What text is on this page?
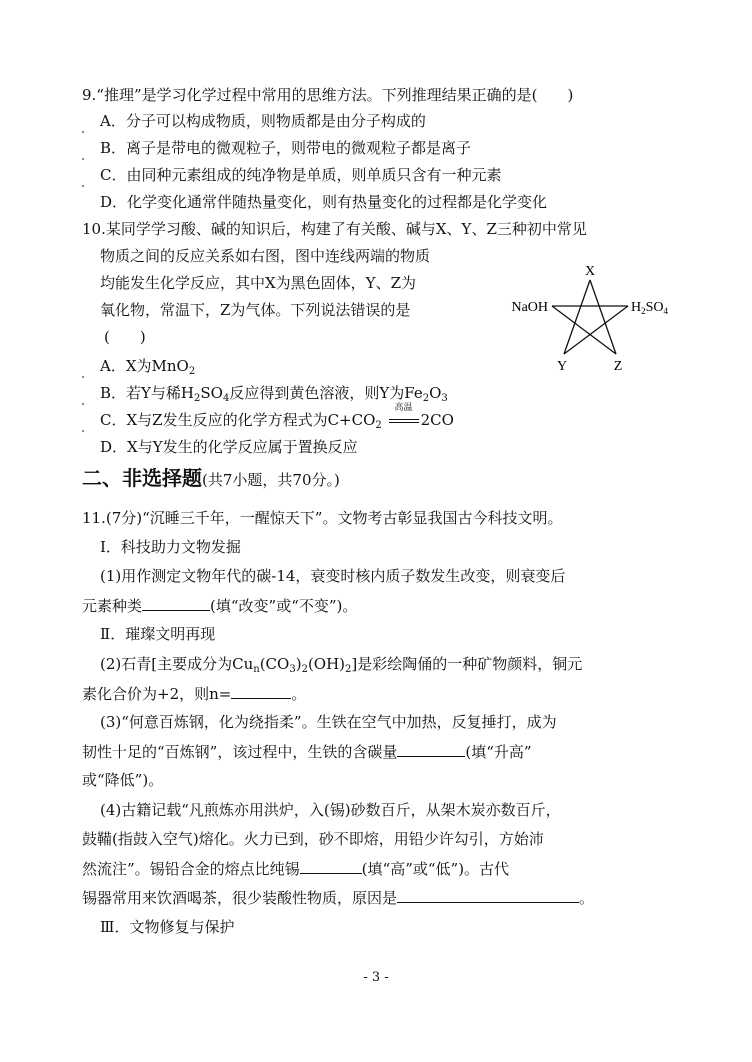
9.“推理”是学习化学过程中常用的思维方法。下列推理结果正确的是(　　)
A．分子可以构成物质，则物质都是由分子构成的
B．离子是带电的微观粒子，则带电的微观粒子都是离子
C．由同种元素组成的纯净物是单质，则单质只含有一种元素
D．化学变化通常伴随热量变化，则有热量变化的过程都是化学变化
10.某同学学习酸、碱的知识后，构建了有关酸、碱与X、Y、Z三种初中常见
物质之间的反应关系如右图，图中连线两端的物质
均能发生化学反应，其中X为黑色固体，Y、Z为
氧化物，常温下，Z为气体。下列说法错误的是
(　　)
A．X为MnO$_2$
B．若Y与稀$H_2SO_4$反应得到黄色溶液，则Y为$Fe_2O_3$
C．X与Z发生反应的化学方程式为$C+CO_2$
高温
2CO
D．X与Y发生的化学反应属于置换反应
X
NaOH	$H_2SO_4$
Y	Z
二、非选择题(共7小题，共70分。)
11.(7分)“沉睡三千年，一醒惊天下”。文物考古彰显我国古今科技文明。
Ⅰ．科技助力文物发掘
(1)用作测定文物年代的碳-14，衰变时核内质子数发生改变，则衰变后
元素种类	(填“改变”或“不变”)。
Ⅱ．璀璨文明再现
(2)石青[主要成分为$Cu_n(CO_3)_2(OH)_2$]是彩绘陶俑的一种矿物颜料，铜元
素化合价为+2，则n=	。
(3)“何意百炼钢，化为绕指柔”。生铁在空气中加热，反复捶打，成为
韧性十足的“百炼钢”，该过程中，生铁的含碳量	(填“升高”
或“降低”)。
(4)古籍记载“凡煎炼亦用洪炉，入(锡)砂数百斤，从架木炭亦数百斤，
鼓鞴(指鼓入空气)熔化。火力已到，砂不即熔，用铅少许勾引，方始沛
然流注”。锡铅合金的熔点比纯锡	(填“高”或“低”)。古代
锡器常用来饮酒喝茶，很少装酸性物质，原因是	。
Ⅲ．文物修复与保护
- 3 -
